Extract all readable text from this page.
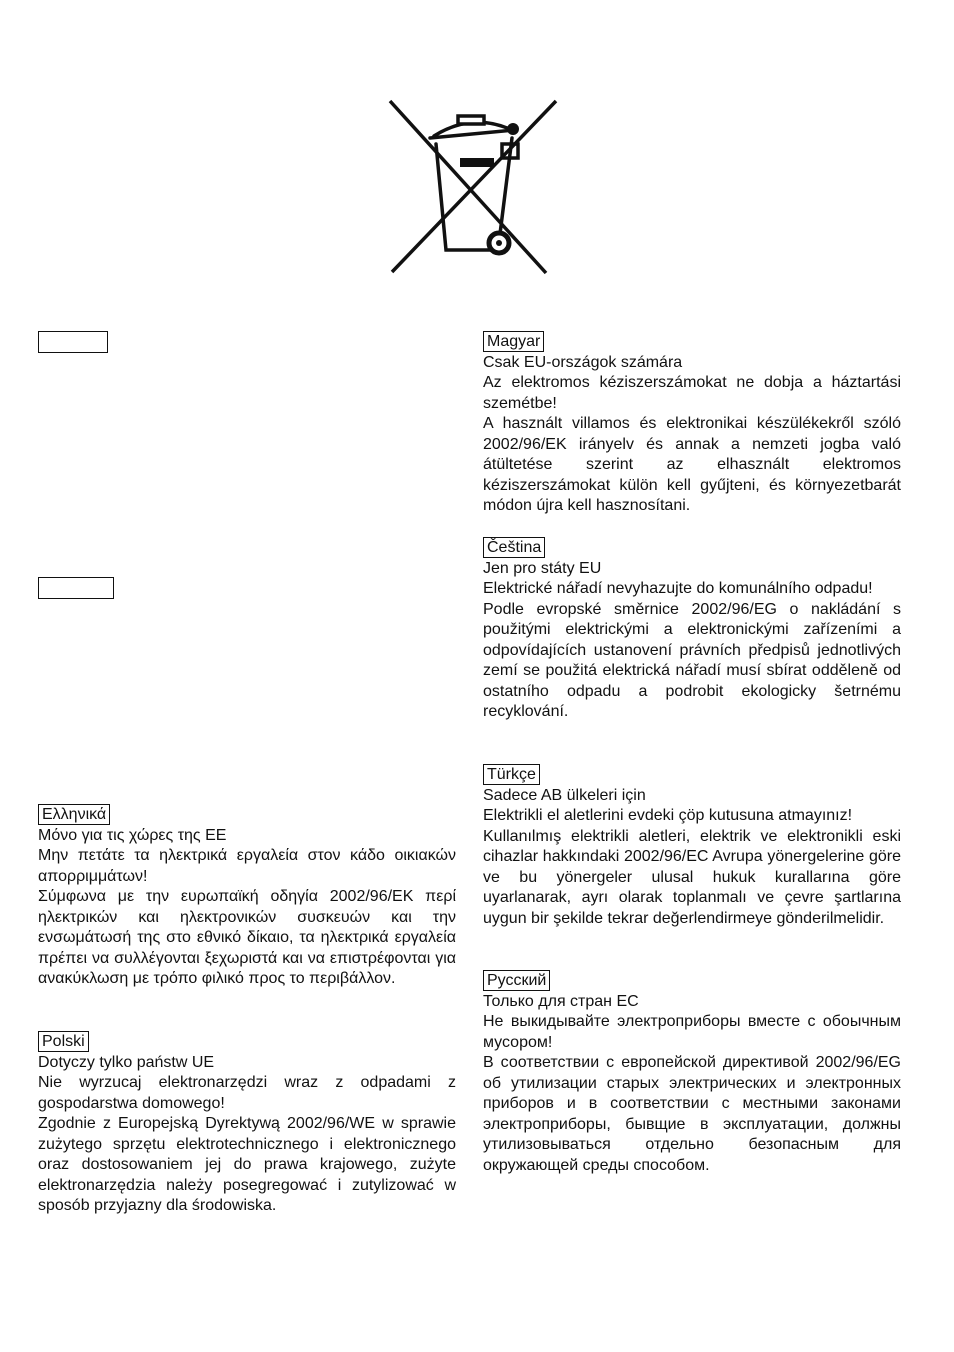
Ελληνικά

Μόνο για τις χώρες της ΕΕ

Μην πετάτε τα ηλεκτρικά εργαλεία στον κάδο οικιακών απορριμμάτων!

Σύμφωνα με την ευρωπαϊκή οδηγία 2002/96/ΕΚ περί ηλεκτρικών και ηλεκτρονικών συσκευών και την ενσωμάτωσή της στο εθνικό δίκαιο, τα ηλεκτρικά εργαλεία πρέπει να συλλέγονται ξεχωριστά και να επιστρέφονται για ανακύκλωση με τρόπο φιλικό προς το περιβάλλον.

Polski

Dotyczy tylko państw UE

Nie wyrzucaj elektronarzędzi wraz z odpadami z gospodarstwa domowego!

Zgodnie z Europejską Dyrektywą 2002/96/WE w sprawie zużytego sprzętu elektrotechnicznego i elektronicznego oraz dostosowaniem jej do prawa krajowego, zużyte elektronarzędzia należy posegregować i zutylizować w sposób przyjazny dla środowiska.

Magyar

Csak EU-országok számára

Az elektromos kéziszerszámokat ne dobja a háztartási szemétbe!

A használt villamos és elektronikai készülékekről szóló 2002/96/EK irányelv és annak a nemzeti jogba való átültetése szerint az elhasznált elektromos kéziszerszámokat külön kell gyűjteni, és környezetbarát módon újra kell hasznosítani.

Čeština

Jen pro státy EU

Elektrické nářadí nevyhazujte do komunálního odpadu!

Podle evropské směrnice 2002/96/EG o nakládání s použitými elektrickými a elektronickými zařízeními a odpovídajících ustanovení právních předpisů jednotlivých zemí se použitá elektrická nářadí musí sbírat odděleně od ostatního odpadu a podrobit ekologicky šetrnému recyklování.

Türkçe

Sadece AB ülkeleri için

Elektrikli el aletlerini evdeki çöp kutusuna atmayınız!

Kullanılmış elektrikli aletleri, elektrik ve elektronikli eski cihazlar hakkındaki 2002/96/EC Avrupa yönergelerine göre ve bu yönergeler ulusal hukuk kurallarına göre uyarlanarak, ayrı olarak toplanmalı ve çevre şartlarına uygun bir şekilde tekrar değerlendirmeye gönderilmelidir.

Русский

Только для стран ЕС

Не выкидывайте электроприборы вместе с обоычным мусором!

В соответствии с европейской директивой 2002/96/EG об утилизации старых электрических и электронных приборов и в соответствии с местными законами электроприборы, бывщие в эксплуатации, должны утилизовываться отдельно безопасным для окружающей среды способом.
